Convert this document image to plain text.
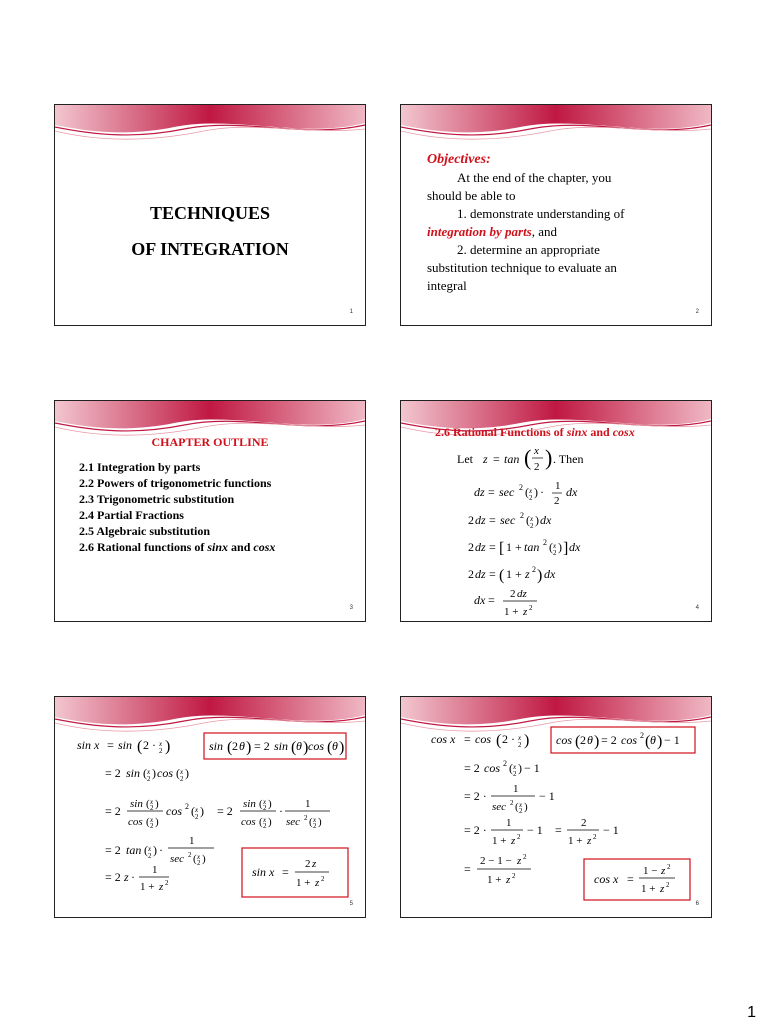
TECHNIQUES
OF INTEGRATION
1
Objectives:
At the end of the chapter, you
should be able to
1. demonstrate understanding of
integration by parts, and
2. determine an appropriate
substitution technique to evaluate an
integral
2
CHAPTER OUTLINE
2.1 Integration by parts
2.2 Powers of trigonometric functions
2.3 Trigonometric substitution
2.4 Partial Fractions
2.5 Algebraic substitution
2.6 Rational functions of sinx and cosx
3
2.6 Rational Functions of sinx and cosx
Let z = tan ( x
2 ) . Then
dz = sec 2 ( x
2 ) · 1
2
dx
2 dz = sec 2 ( x
2 ) dx
2 dz = [ 1 + tan 2 ( x
2 ) ] dx
2 dz = ( 1 + z 2 ) dx
dx = 2 dz
1 + z 2	4
sin x = sin ( 2 · x
2 )	sin ( 2 θ ) = 2 sin ( θ ) cos ( θ )
= 2 sin ( x
2 ) cos ( x
2 )
= 2 sin ( x
2 )
cos ( x
2 )
cos 2 ( x
2 ) = 2 sin ( x
2 )
cos ( x
2 )
· 1
sec 2 ( x
2 )
= 2 tan ( x
2 ) ·
1
sec 2 ( x
2 )
= 2 z · 1
1 + z 2
sin x =
2 z
1 + z 2
5
cos x = cos ( 2 · x
2 ) cos ( 2 θ ) = 2 cos 2 ( θ ) − 1
= 2 cos 2 ( x
2 ) − 1
= 2 · 1
sec 2 ( x
2 )
− 1
= 2 · 1
1 + z 2 − 1 = 2
1 + z 2 − 1
=
2 − 1 − z 2
1 + z 2	cos x =
1 − z 2
1 + z 2
6
1
